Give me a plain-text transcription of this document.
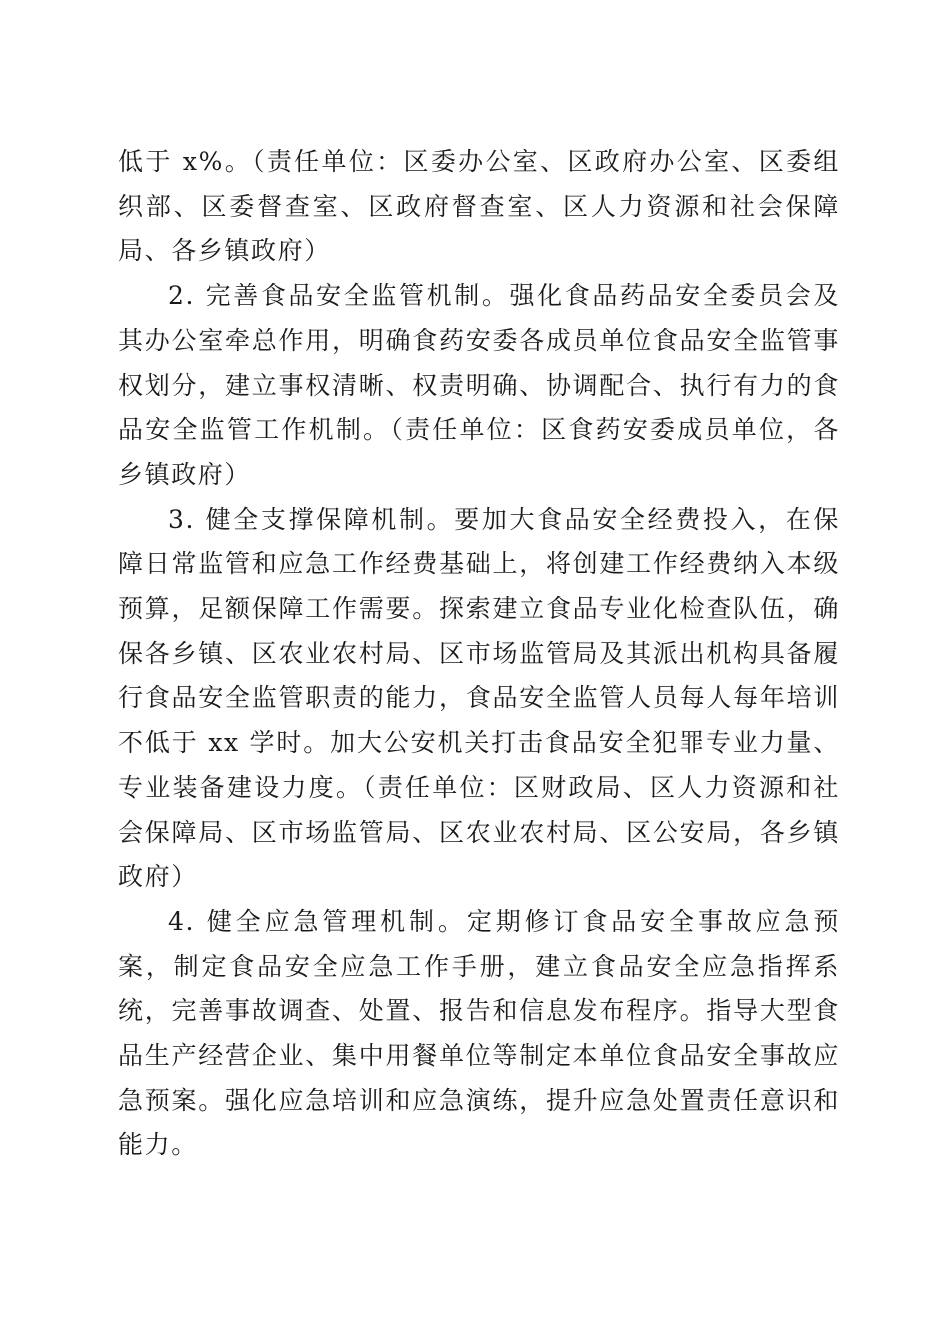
低于 x%。（责任单位：区委办公室、区政府办公室、区委组织部、区委督查室、区政府督查室、区人力资源和社会保障局、各乡镇政府）

2. 完善食品安全监管机制。强化食品药品安全委员会及其办公室牵总作用，明确食药安委各成员单位食品安全监管事权划分，建立事权清晰、权责明确、协调配合、执行有力的食品安全监管工作机制。（责任单位：区食药安委成员单位，各乡镇政府）

3. 健全支撑保障机制。要加大食品安全经费投入，在保障日常监管和应急工作经费基础上，将创建工作经费纳入本级预算，足额保障工作需要。探索建立食品专业化检查队伍，确保各乡镇、区农业农村局、区市场监管局及其派出机构具备履行食品安全监管职责的能力，食品安全监管人员每人每年培训不低于 xx 学时。加大公安机关打击食品安全犯罪专业力量、专业装备建设力度。（责任单位：区财政局、区人力资源和社会保障局、区市场监管局、区农业农村局、区公安局，各乡镇政府）

4. 健全应急管理机制。定期修订食品安全事故应急预案，制定食品安全应急工作手册，建立食品安全应急指挥系统，完善事故调查、处置、报告和信息发布程序。指导大型食品生产经营企业、集中用餐单位等制定本单位食品安全事故应急预案。强化应急培训和应急演练，提升应急处置责任意识和能力。
